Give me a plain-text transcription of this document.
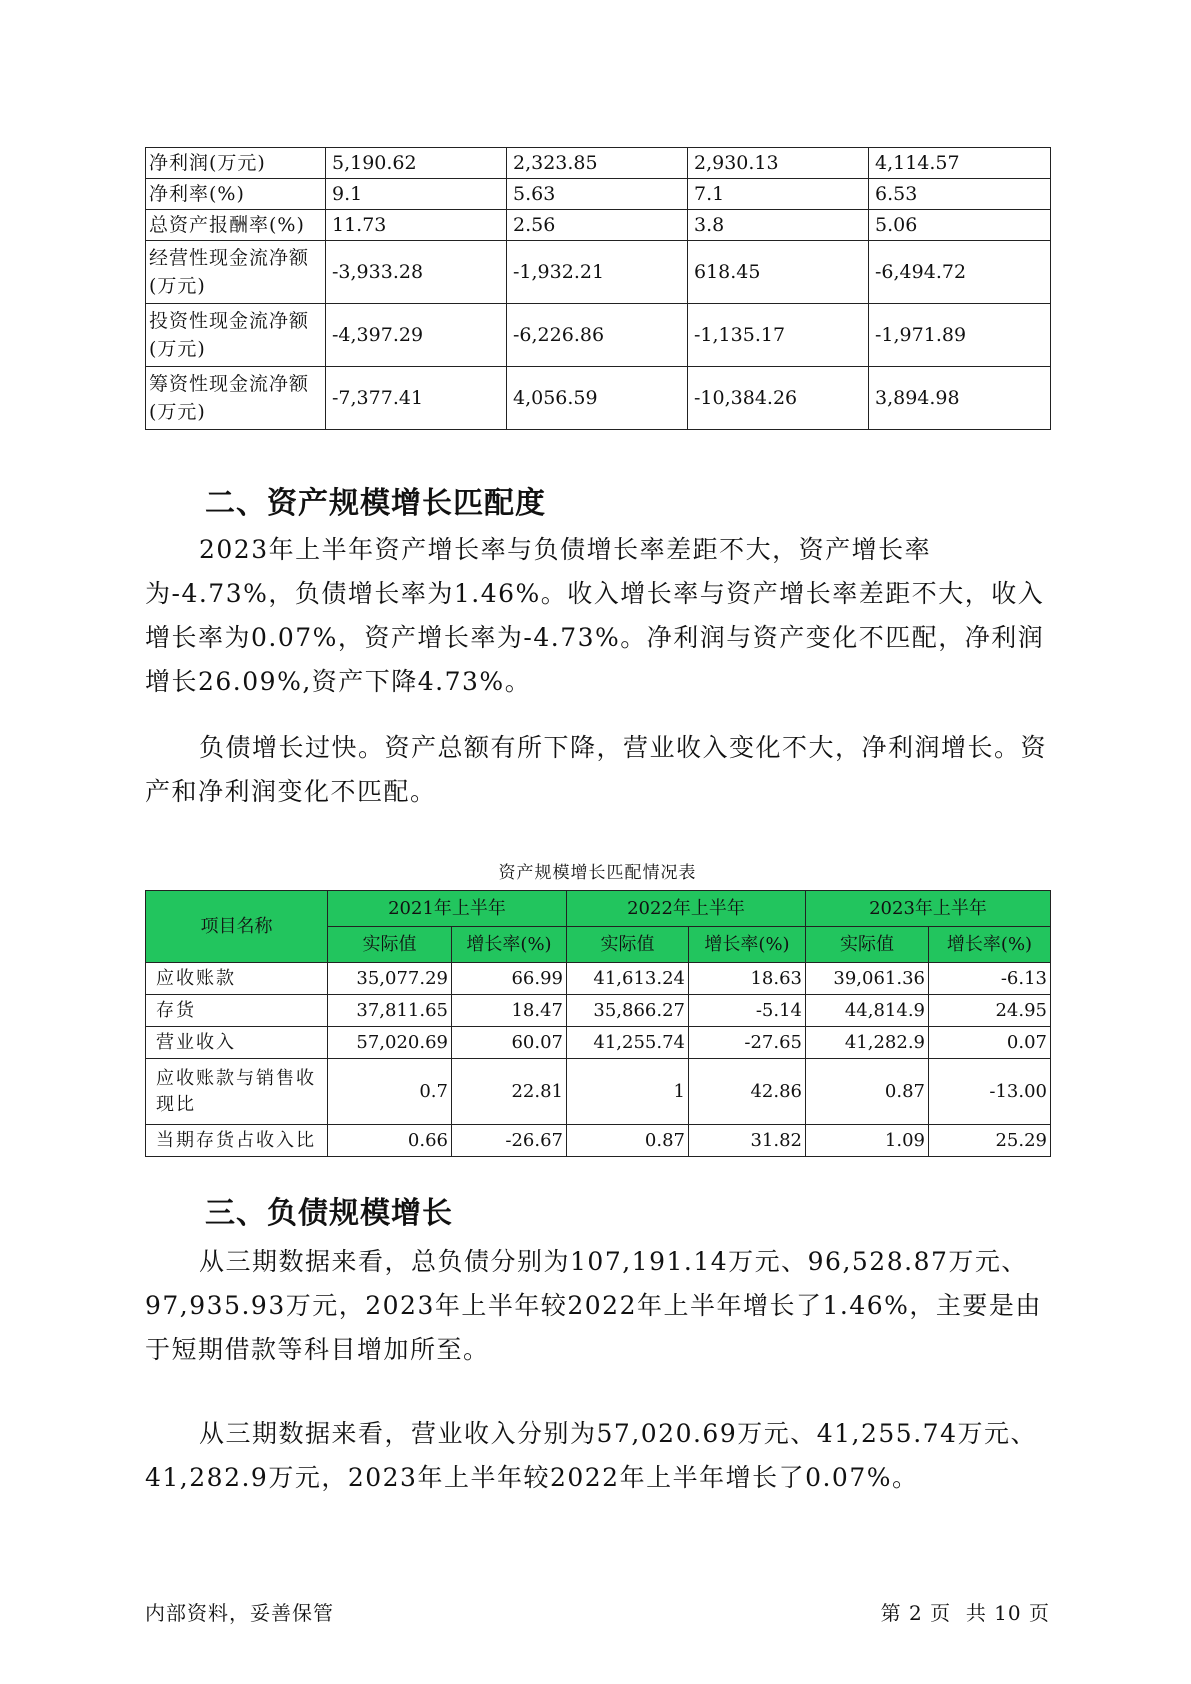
净利润(万元)	5,190.62	2,323.85	2,930.13	4,114.57
净利率(%)	9.1	5.63	7.1	6.53
总资产报酬率(%)	11.73	2.56	3.8	5.06
经营性现金流净额(万元)	-3,933.28	-1,932.21	618.45	-6,494.72
投资性现金流净额(万元)	-4,397.29	-6,226.86	-1,135.17	-1,971.89
筹资性现金流净额(万元)	-7,377.41	4,056.59	-10,384.26	3,894.98
二、资产规模增长匹配度

2023年上半年资产增长率与负债增长率差距不大，资产增长率为-4.73%，负债增长率为1.46%。收入增长率与资产增长率差距不大，收入增长率为0.07%，资产增长率为-4.73%。净利润与资产变化不匹配，净利润增长26.09%,资产下降4.73%。

负债增长过快。资产总额有所下降，营业收入变化不大，净利润增长。资产和净利润变化不匹配。

资产规模增长匹配情况表
项目名称	2021年上半年		2022年上半年		2023年上半年	
	实际值	增长率(%)	实际值	增长率(%)	实际值	增长率(%)
应收账款	35,077.29	66.99	41,613.24	18.63	39,061.36	-6.13
存货	37,811.65	18.47	35,866.27	-5.14	44,814.9	24.95
营业收入	57,020.69	60.07	41,255.74	-27.65	41,282.9	0.07
应收账款与销售收现比	0.7	22.81	1	42.86	0.87	-13.00
当期存货占收入比	0.66	-26.67	0.87	31.82	1.09	25.29
三、负债规模增长

从三期数据来看，总负债分别为107,191.14万元、96,528.87万元、97,935.93万元，2023年上半年较2022年上半年增长了1.46%，主要是由于短期借款等科目增加所至。

从三期数据来看，营业收入分别为57,020.69万元、41,255.74万元、41,282.9万元，2023年上半年较2022年上半年增长了0.07%。

内部资料，妥善保管	第 2 页  共 10 页
